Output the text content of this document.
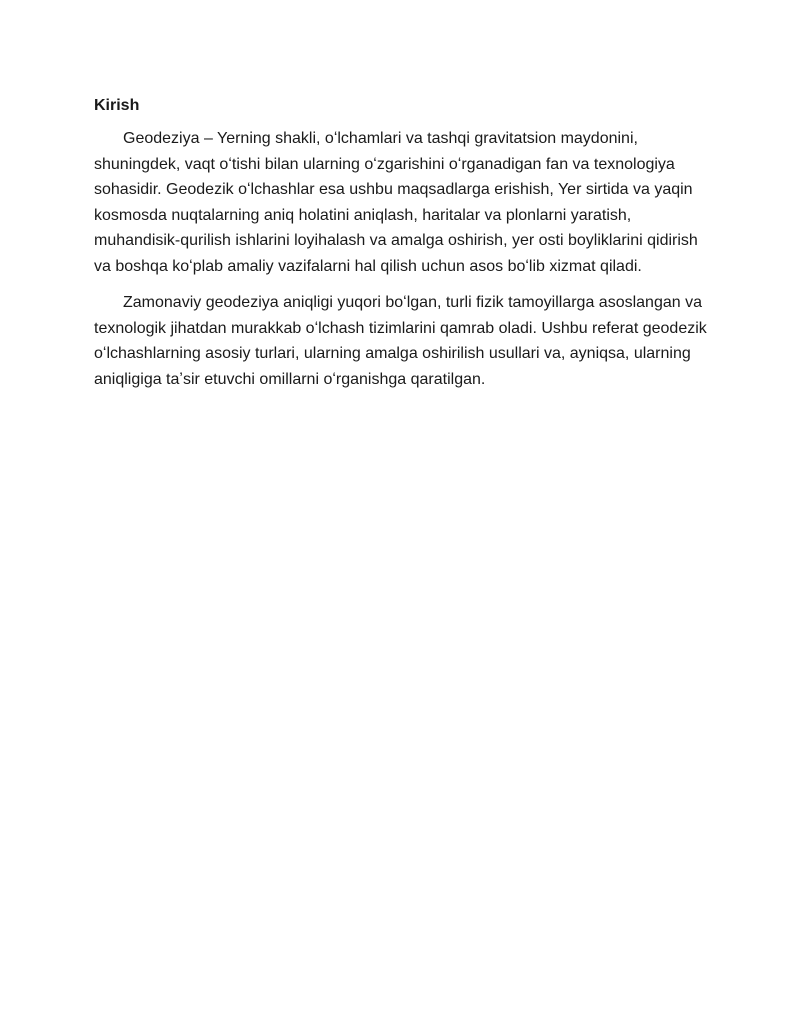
Kirish

Geodeziya – Yerning shakli, oʻlchamlari va tashqi gravitatsion maydonini, shuningdek, vaqt oʻtishi bilan ularning oʻzgarishini oʻrganadigan fan va texnologiya sohasidir. Geodezik oʻlchashlar esa ushbu maqsadlarga erishish, Yer sirtida va yaqin kosmosda nuqtalarning aniq holatini aniqlash, haritalar va plonlarni yaratish, muhandisik-qurilish ishlarini loyihalash va amalga oshirish, yer osti boyliklarini qidirish va boshqa koʻplab amaliy vazifalarni hal qilish uchun asos boʻlib xizmat qiladi.

Zamonaviy geodeziya aniqligi yuqori boʻlgan, turli fizik tamoyillarga asoslangan va texnologik jihatdan murakkab oʻlchash tizimlarini qamrab oladi. Ushbu referat geodezik oʻlchashlarning asosiy turlari, ularning amalga oshirilish usullari va, ayniqsa, ularning aniqligiga taʼsir etuvchi omillarni oʻrganishga qaratilgan.
